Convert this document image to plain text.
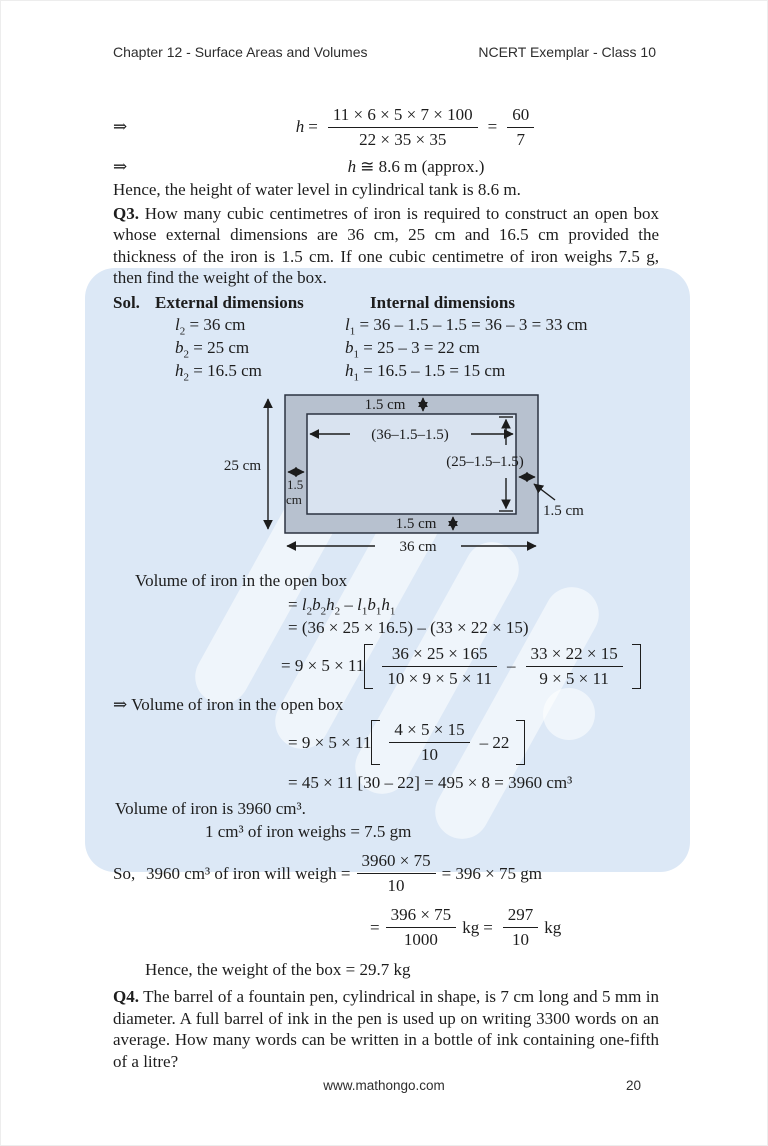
Chapter 12 - Surface Areas and Volumes	NCERT Exemplar - Class 10
⇒	$h = \frac{11 \times 6 \times 5 \times 7 \times 100}{22 \times 35 \times 35} = \frac{60}{7}$
⇒	h ≅ 8.6 m (approx.)
Hence, the height of water level in cylindrical tank is 8.6 m.

Q3. How many cubic centimetres of iron is required to construct an open box whose external dimensions are 36 cm, 25 cm and 16.5 cm provided the thickness of the iron is 1.5 cm. If one cubic centimetre of iron weighs 7.5 g, then find the weight of the box.

Sol. External dimensions	Internal dimensions
$l_2 = 36$ cm	$l_1 = 36 - 1.5 - 1.5 = 36 - 3 = 33$ cm
$b_2 = 25$ cm	$b_1 = 25 - 3 = 22$ cm
$h_2 = 16.5$ cm	$h_1 = 16.5 - 1.5 = 15$ cm
25 cm
1.5 cm
(36–1.5–1.5)
(25–1.5–1.5)
1.5
cm
1.5 cm
1.5 cm
36 cm
Volume of iron in the open box
= $l_2b_2h_2 - l_1b_1h_1$
= (36 × 25 × 16.5) – (33 × 22 × 15)
= $9 \times 5 \times 11 \frac{36 \times 25 \times 165}{10 \times 9 \times 5 \times 11} - \frac{33 \times 22 \times 15}{9 \times 5 \times 11}$
⇒ Volume of iron in the open box
= $9 \times 5 \times 11 \frac{4 \times 5 \times 15}{10} - 22$
= 45 × 11 [30 – 22] = 495 × 8 = 3960 cm³
Volume of iron is 3960 cm³.
1 cm³ of iron weighs = 7.5 gm
So, 3960 cm³ of iron will weigh = $\frac{3960 \times 75}{10} = 396 \times 75$ gm
= $\frac{396 \times 75}{1000}$ kg = $\frac{297}{10}$ kg
Hence, the weight of the box = 29.7 kg

Q4. The barrel of a fountain pen, cylindrical in shape, is 7 cm long and 5 mm in diameter. A full barrel of ink in the pen is used up on writing 3300 words on an average. How many words can be written in a bottle of ink containing one-fifth of a litre?

www.mathongo.com	20
